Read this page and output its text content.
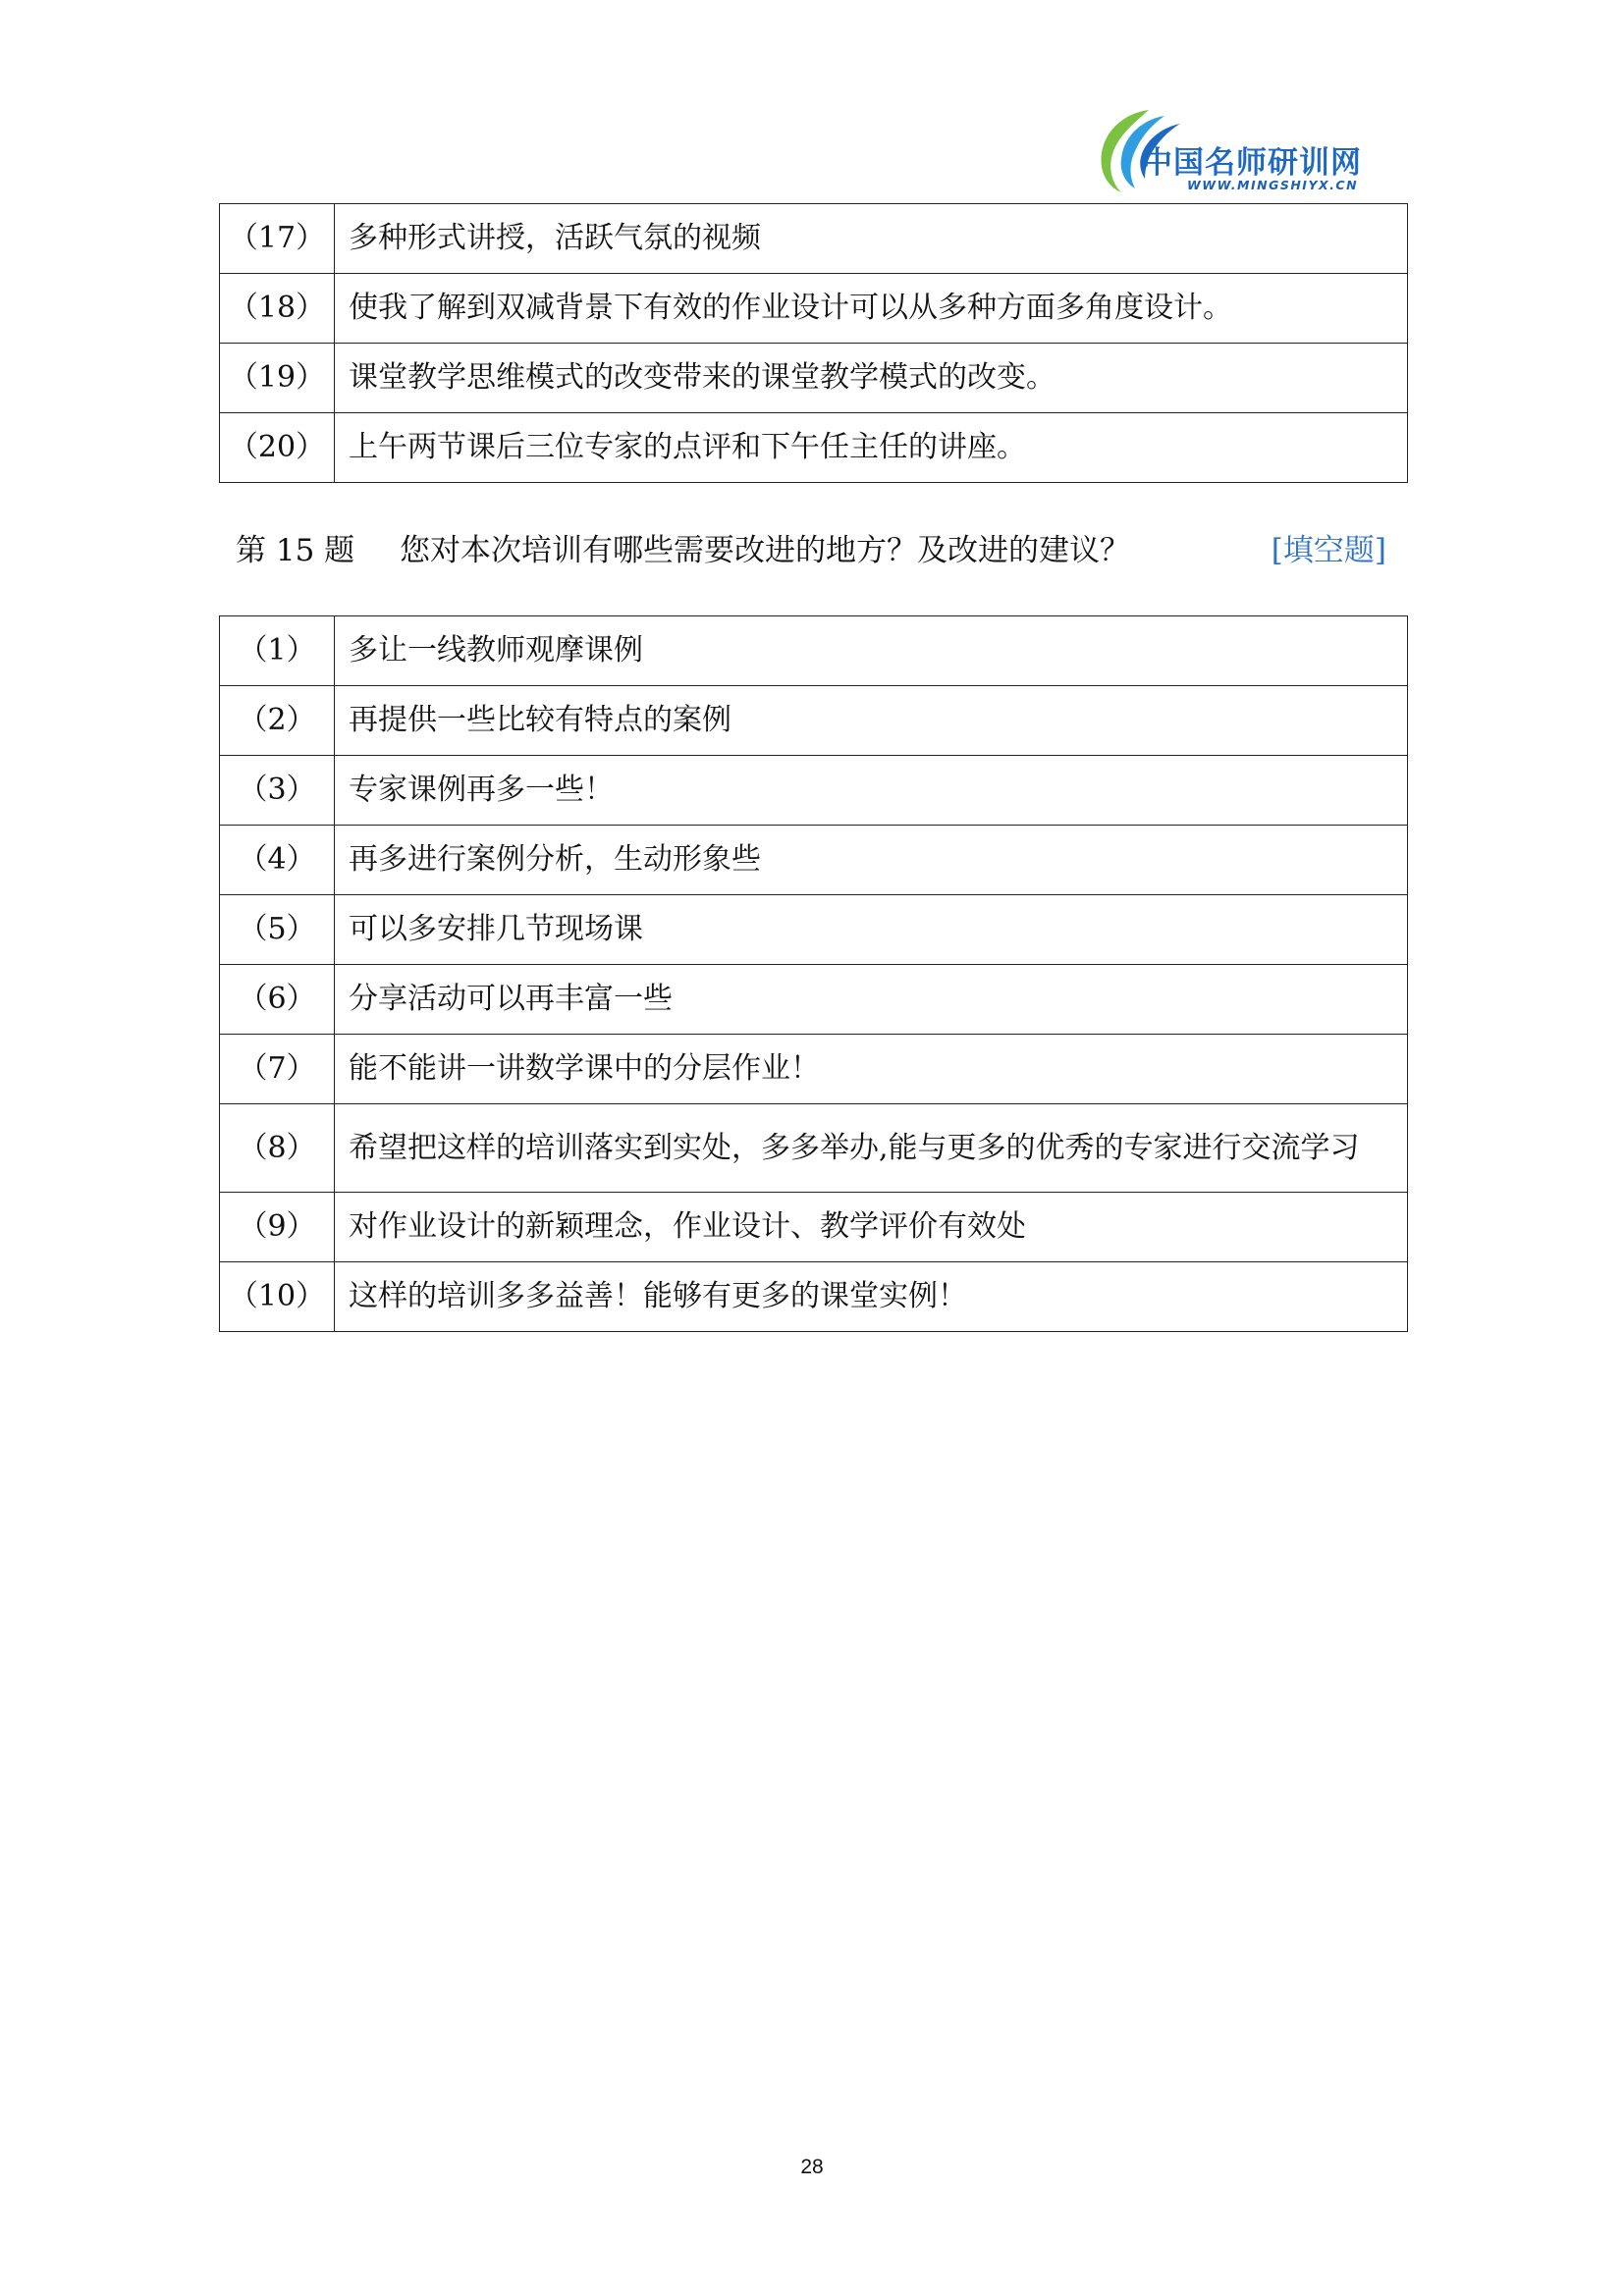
中国名师研训网
WWW.MINGSHIYX.CN
（17）	多种形式讲授，活跃气氛的视频
（18）	使我了解到双减背景下有效的作业设计可以从多种方面多角度设计。
（19）	课堂教学思维模式的改变带来的课堂教学模式的改变。
（20）	上午两节课后三位专家的点评和下午任主任的讲座。
第 15 题 您对本次培训有哪些需要改进的地方？及改进的建议？	[填空题]
（1）	多让一线教师观摩课例
（2）	再提供一些比较有特点的案例
（3）	专家课例再多一些！
（4）	再多进行案例分析，生动形象些
（5）	可以多安排几节现场课
（6）	分享活动可以再丰富一些
（7）	能不能讲一讲数学课中的分层作业！
（8）	希望把这样的培训落实到实处，多多举办,能与更多的优秀的专家进行交流学习
（9）	对作业设计的新颖理念，作业设计、教学评价有效处
（10）	这样的培训多多益善！能够有更多的课堂实例！
28
